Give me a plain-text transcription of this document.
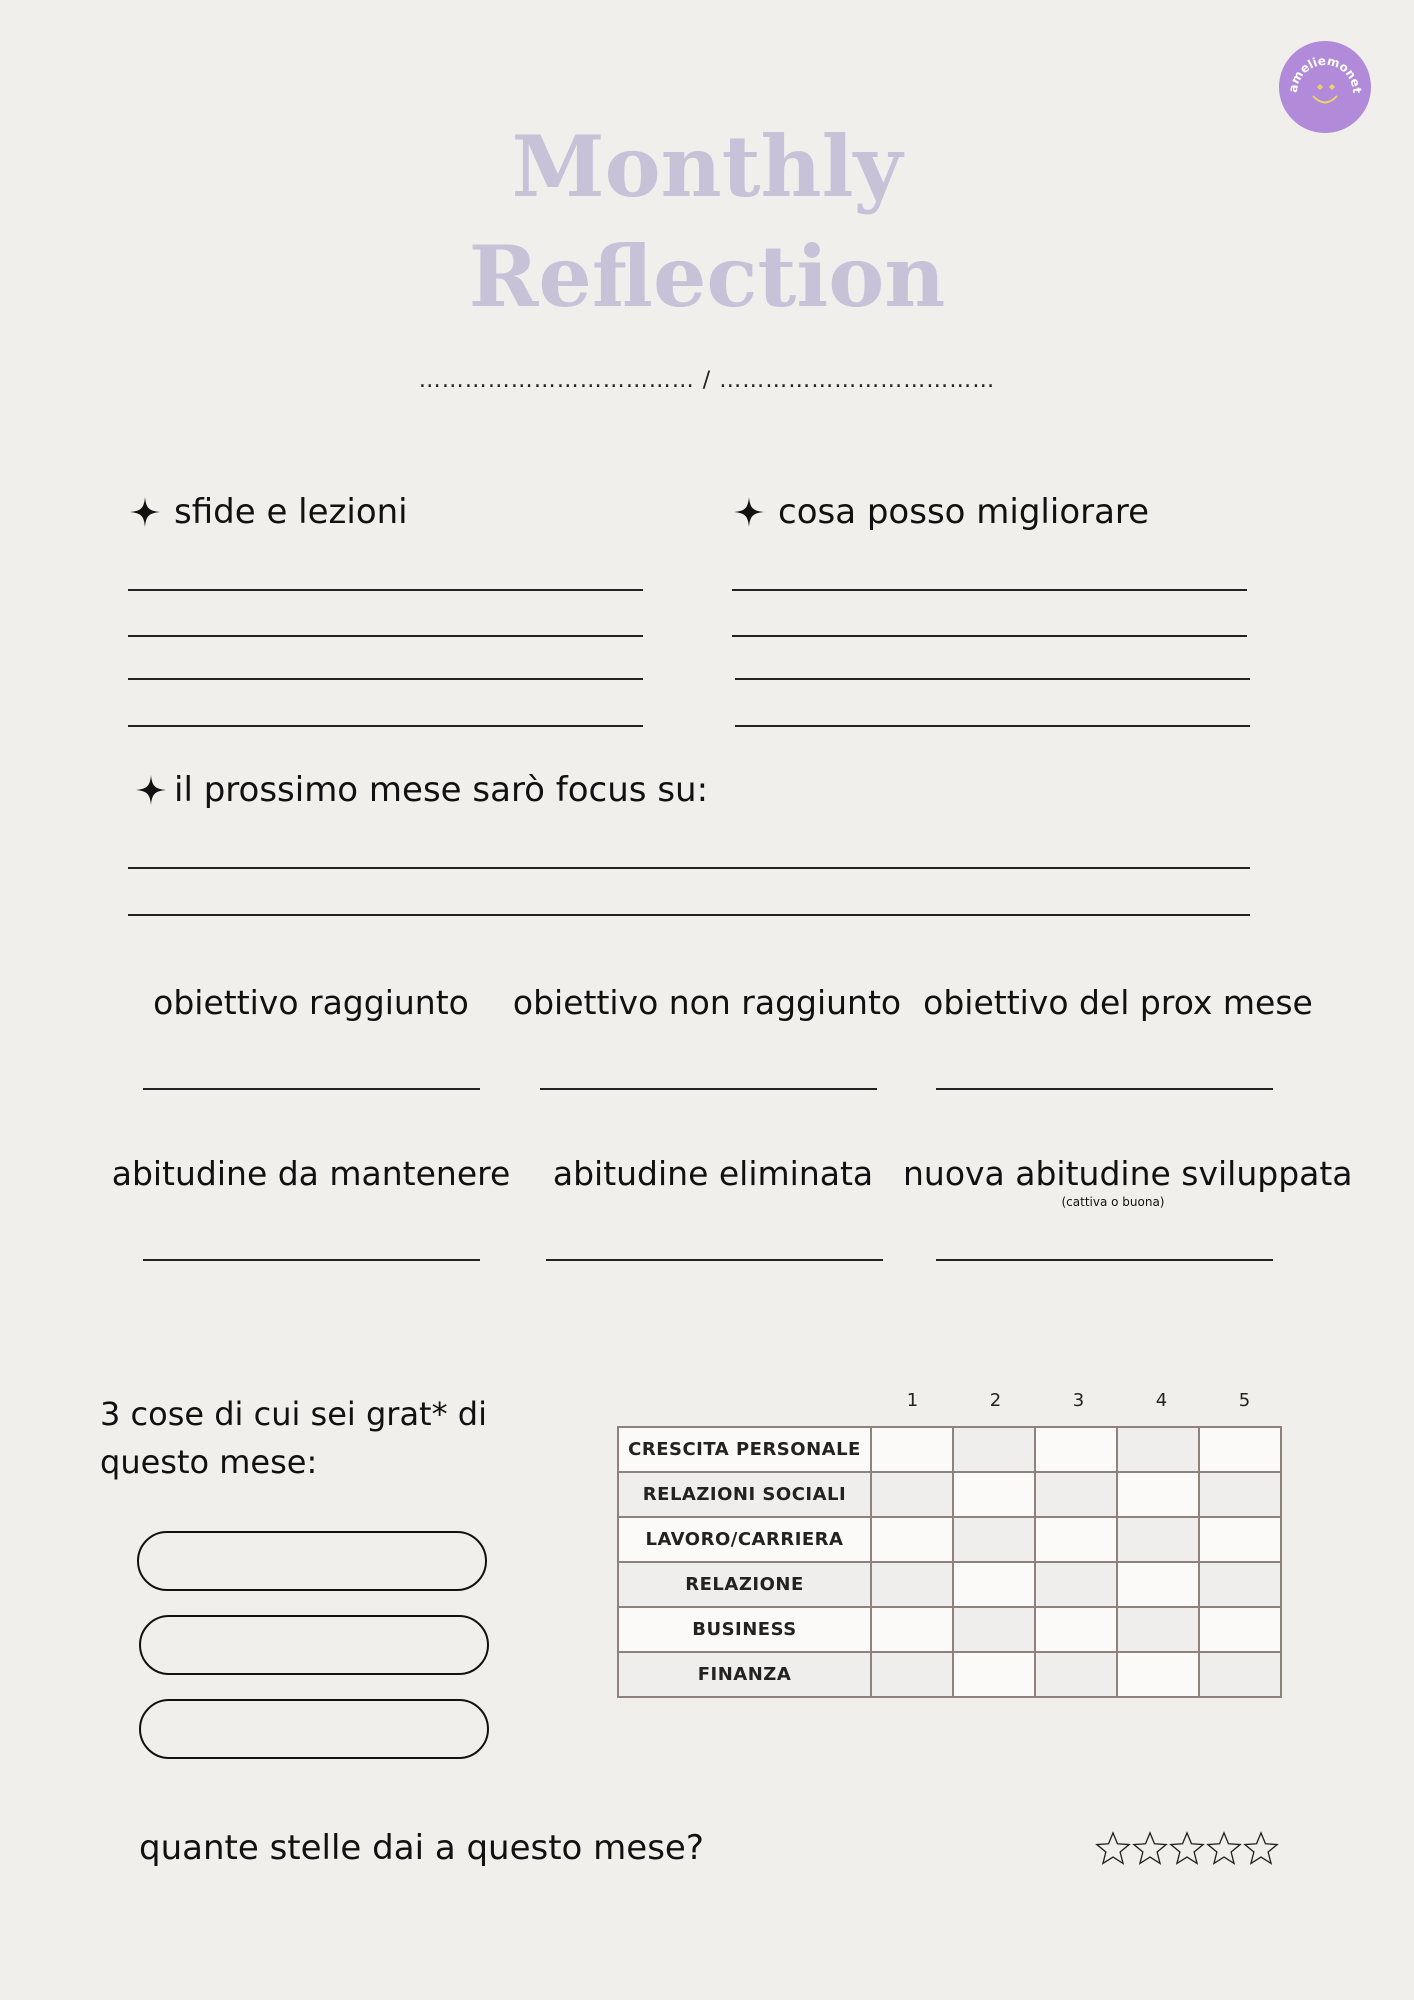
ameliemonet
Monthly
Reflection
……………………………… / ………………………………
sfide e lezioni	cosa posso migliorare
il prossimo mese sarò focus su:
obiettivo raggiunto	obiettivo non raggiunto obiettivo del prox mese
abitudine da mantenere	abitudine eliminata nuova abitudine sviluppata
(cattiva o buona)
3 cose di cui sei grat* di
questo mese:
1	2	3	4	5
CRESCITA PERSONALE					
RELAZIONI SOCIALI					
LAVORO/CARRIERA					
RELAZIONE					
BUSINESS					
FINANZA					
quante stelle dai a questo mese?
